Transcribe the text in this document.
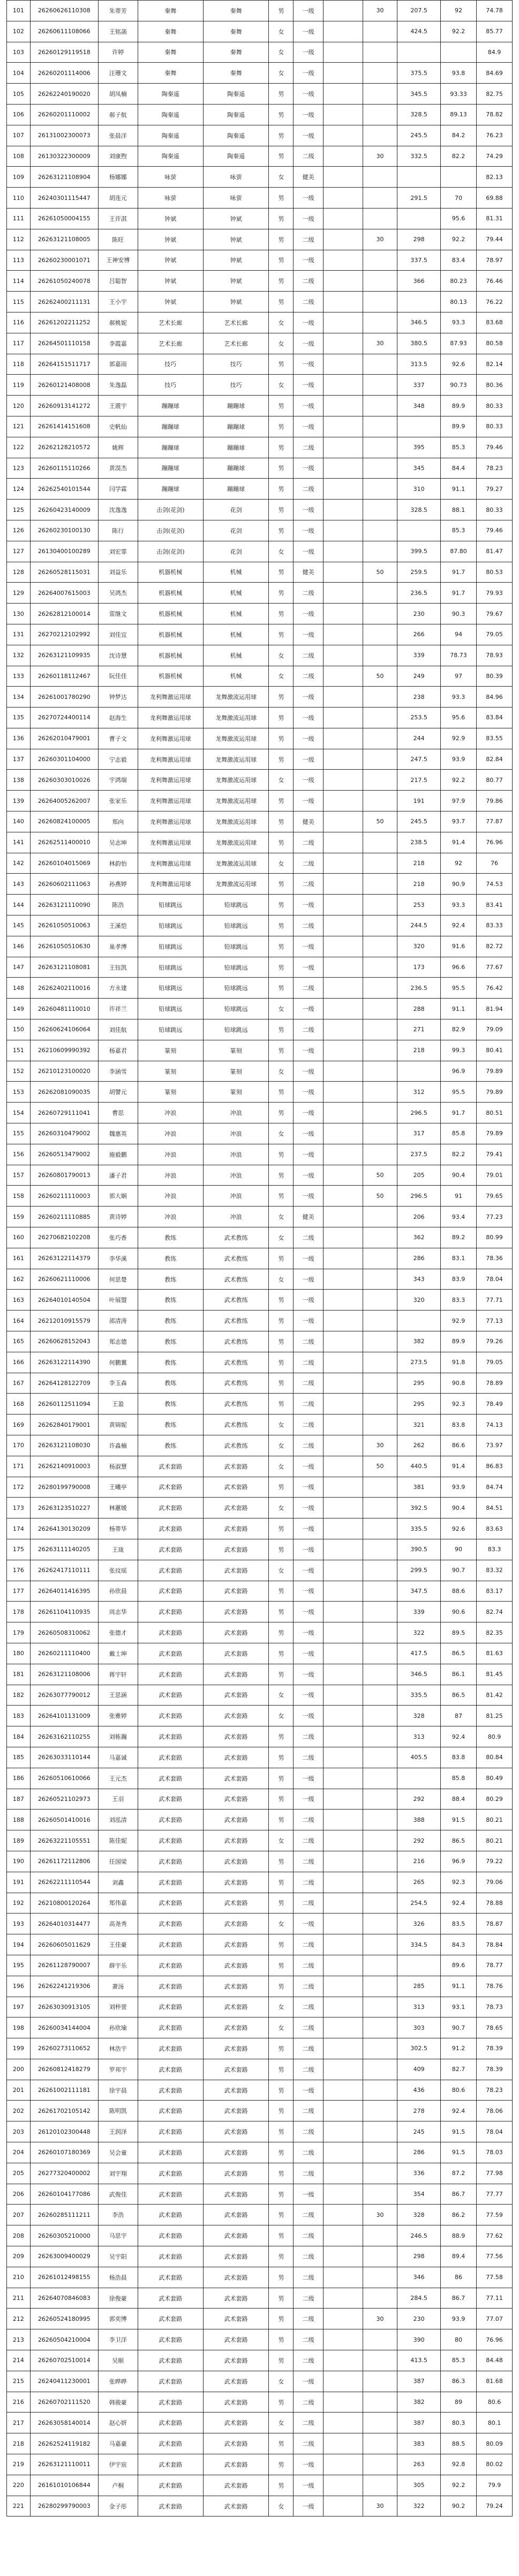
101	26260626110308	朱蒂芳	秦舞	秦舞	男	一级		30	207.5	92	74.78
102	26260611108066	王铭菡	秦舞	秦舞	女	一级			424.5	92.2	85.77
103	26260129119518	许婷	秦舞	秦舞	女	一级					84.9
104	26260201114006	汪珊文	秦舞	秦舞	女	一级			375.5	93.8	84.69
105	26262240190020	胡凤楠	陶秦遥	陶秦遥	男	一级			345.5	93.33	82.75
106	26260201110002	郝子航	陶秦遥	陶秦遥	男	一级			328.5	89.13	78.82
107	26131002300073	张晨洋	陶秦遥	陶秦遥	男	一级			245.5	84.2	76.23
108	26130322300009	刘康煦	陶秦遥	陶秦遥	男	二级		30	332.5	82.2	74.29
109	26263121108904	杨娜娜	咏萤	咏萤	女	健美					82.13
110	26240301115447	胡连元	咏萤	咏萤	男	一级			291.5	70	69.88
111	26261050004155	王许淇	钟斌	钟斌	男	一级				95.6	81.31
112	26263121108005	陈旺	钟斌	钟斌	男	二级		30	298	92.2	79.44
113	26260230001071	王神安博	钟斌	钟斌	男	一级			337.5	83.4	78.97
114	26261050240078	吕聪智	钟斌	钟斌	男	二级			366	80.23	76.46
115	26262400211131	王小宇	钟斌	钟斌	男	二级				80.13	76.22
116	26261202211252	郝桃妮	艺术长廊	艺术长廊	女	一级			346.5	93.3	83.68
117	26264501110158	李霞嘉	艺术长廊	艺术长廊	女	一级		30	380.5	87.93	80.58
118	26264151511717	郭嘉雨	技巧	技巧	男	一级			313.5	92.6	82.14
119	26260121408008	朱逸磊	技巧	技巧	女	一级			337	90.73	80.36
120	26260913141272	王震宇	蹦蹦球	蹦蹦球	男	一级			348	89.9	80.33
121	26261414151608	史帆仙	蹦蹦球	蹦蹦球	男	一级				89.9	80.33
122	26262128210572	姚辉	蹦蹦球	蹦蹦球	男	二级			395	85.3	79.46
123	26260115110266	黄淏杰	蹦蹦球	蹦蹦球	男	一级			345	84.4	78.23
124	26262540101544	闫学霖	蹦蹦球	蹦蹦球	男	二级			310	91.1	79.27
125	26260423140009	沈逸逸	击剑(花剑)	花剑	男	一级			328.5	88.1	80.33
126	26260230100130	陈行	击剑(花剑)	花剑	男	一级				85.3	79.46
127	26130400100289	刘宏霏	击剑(花剑)	花剑	女	一级			399.5	87.80	81.47
128	26260528115031	刘益乐	机器机械	机械	男	健美		50	259.5	91.7	80.53
129	26264007615003	吴鸿杰	机器机械	机械	男	二级			236.5	91.7	79.93
130	26262812100014	雷继文	机器机械	机械	男	一级			230	90.3	79.67
131	26270212102992	刘佳宜	机器机械	机械	男	一级			266	94	79.05
132	26263121109935	沈诗慧	机器机械	机械	女	二级			339	78.73	78.93
133	26260118112467	阮佳佳	机器机械	机械	女	二级		50	249	97	80.39
134	26261001780290	钟梦达	龙利舞激运用球	龙舞激流运用球	男	一级			238	93.3	84.96
135	26270724400114	赵海生	龙利舞激运用球	龙舞激流运用球	男	一级			253.5	95.6	83.84
136	26262010479001	曹子文	龙利舞激运用球	龙舞激流运用球	男	一级			244	92.9	83.55
137	26260301104000	宁志毅	龙利舞激运用球	龙舞激流运用球	男	一级			247.5	93.9	82.84
138	26260303010026	宇鸿瑞	龙利舞激运用球	龙舞激流运用球	女	一级			217.5	92.2	80.77
139	26264005262007	张家乐	龙利舞激运用球	龙舞激流运用球	男	一级			191	97.9	79.86
140	26260824100005	郑向	龙利舞激运用球	龙舞激流运用球	男	健美		50	245.5	93.7	77.87
141	26262511400010	吴志坤	龙利舞激运用球	龙舞激流运用球	男	二级			238.5	91.4	76.96
142	26260104015069	林韵怡	龙利舞激运用球	龙舞激流运用球	女	二级			218	92	76
143	26260602111063	孙燕婷	龙利舞激运用球	龙舞激流运用球	男	二级			218	90.9	74.53
144	26263121110090	陈浩	铅球跳远	铅球跳远	男	一级			253	93.3	83.41
145	26261050510063	王溪恺	铅球跳远	铅球跳远	男	二级			244.5	92.4	83.33
146	26261050510630	巢孝博	铅球跳远	铅球跳远	男	一级			320	91.6	82.72
147	26263121108081	王钰凯	铅球跳远	铅球跳远	男	一级			173	96.6	77.67
148	26262402110016	方永建	铅球跳远	铅球跳远	男	二级			236.5	95.5	76.42
149	26260481110010	许祥兰	铅球跳远	铅球跳远	女	一级			288	91.1	81.94
150	26260624106064	刘佳航	铅球跳远	铅球跳远	男	二级			271	82.9	79.09
151	26210609990392	杨嘉君	篆刻	篆刻	男	一级			218	99.3	80.41
152	26210123100020	李涵雪	篆刻	篆刻	女	一级				96.9	79.89
153	26262081090035	胡譬元	篆刻	篆刻	男	一级			312	95.5	79.89
154	26260729111041	曹思	冲浪	冲浪	男	一级			296.5	91.7	80.51
155	26260310479002	魏惠英	冲浪	冲浪	女	一级			317	85.8	79.89
156	26260513479002	施毅鹏	冲浪	冲浪	男	一级			237.5	82.2	79.41
157	26260801790013	潘子君	冲浪	冲浪	男	一级		50	205	90.4	79.01
158	26260211110003	郭大娴	冲浪	冲浪	男	一级		50	296.5	91	79.65
159	26260211110885	黄诗婷	冲浪	冲浪	女	健美			206	93.4	77.23
160	26270682102208	张巧香	教练	武术教练	女	二级			362	89.2	80.99
161	26263122114379	李华溪	教练	武术教练	男	一级			286	83.1	78.36
162	26260621110006	何思楚	教练	武术教练	女	一级			343	83.9	78.04
163	26264010140504	叶展盟	教练	武术教练	男	一级			320	83.3	77.71
164	26212010915579	邵清涛	教练	武术教练	男	一级				92.9	77.13
165	26260628152043	郑志德	教练	武术教练	男	二级			382	89.9	79.26
166	26263122114390	何鹏翼	教练	武术教练	男	二级			273.5	91.8	79.05
167	26264128122709	李玉森	教练	武术教练	男	二级			295	90.8	78.89
168	26260112511094	王盈	教练	武术教练	男	二级			295	92.3	78.49
169	26262840179001	黄锦妮	教练	武术教练	女	二级			321	83.8	74.13
170	26263121108030	许淼楠	教练	武术教练	女	二级		30	262	86.6	73.97
171	26262140910003	杨淑慧	武术套路	武术套路	女	一级		50	440.5	91.4	86.83
172	26280199790008	王曦亭	武术套路	武术套路	男	一级			381	93.9	84.74
173	26263123510227	林蕙媛	武术套路	武术套路	女	一级			392.5	90.4	84.51
174	26264130130209	杨蒂华	武术套路	武术套路	男	一级			335.5	92.6	83.63
175	26263111140205	王珑	武术套路	武术套路	男	一级			390.5	90	83.3
176	26262417110111	张玟瑶	武术套路	武术套路	女	一级			299.5	90.7	83.32
177	26264011416395	孙欣晨	武术套路	武术套路	男	一级			347.5	88.6	83.17
178	26261104110935	周志华	武术套路	武术套路	男	一级			339	90.6	82.74
179	26260508310062	张德才	武术套路	武术套路	男	一级			322	89.5	82.35
180	26260211110400	戴士坤	武术套路	武术套路	男	一级			417.5	86.5	81.63
181	26263121108006	蒋宇轩	武术套路	武术套路	男	一级			346.5	86.1	81.45
182	26263077790012	王思涵	武术套路	武术套路	女	一级			335.5	86.5	81.42
183	26264101131009	张雅婷	武术套路	武术套路	女	一级			328	87	81.25
184	26263162110255	刘栋瀚	武术套路	武术套路	男	二级			313	92.4	80.9
185	26263033110144	马嘉诚	武术套路	武术套路	男	二级			405.5	83.8	80.84
186	26260510610066	王元杰	武术套路	武术套路	男	一级				85.8	80.49
187	26260521102973	王羽	武术套路	武术套路	男	一级			292	88.4	80.29
188	26260501410016	刘泓清	武术套路	武术套路	男	二级			388	91.5	80.21
189	26263221105551	陈佳妮	武术套路	武术套路	女	二级			292	86.5	80.21
190	26261172112806	任国梁	武术套路	武术套路	男	二级			216	96.9	79.22
191	26262211110544	刘鑫	武术套路	武术套路	男	二级			265	92.3	79.06
192	26210800120264	郑伟嘉	武术套路	武术套路	男	二级			254.5	92.4	78.88
193	26264010314477	高尧秀	武术套路	武术套路	女	一级			326	83.5	78.87
194	26260605011629	王佳豪	武术套路	武术套路	男	二级			334.5	84.3	78.84
195	26261128790007	薛宇乐	武术套路	武术套路	男	二级				89.6	78.77
196	26262241219306	萧汤	武术套路	武术套路	男	二级			285	91.1	78.76
197	26263030913105	刘梓萱	武术套路	武术套路	女	二级			313	93.1	78.73
198	26260034144004	孙欣瑜	武术套路	武术套路	女	二级			303	90.7	78.65
199	26260273110652	林浩宇	武术套路	武术套路	男	二级			302.5	91.2	78.39
200	26260812418279	罗邦宇	武术套路	武术套路	男	二级			409	82.7	78.39
201	26261002111181	徐宇晨	武术套路	武术套路	男	一级			436	80.6	78.23
202	26261702105142	陈明凯	武术套路	武术套路	男	二级			278	92.4	78.06
203	26120102300448	王润泽	武术套路	武术套路	男	二级			245	91.5	78.04
204	26260107180369	吴会童	武术套路	武术套路	男	二级			286	91.5	78.03
205	26277320400002	刘宇翔	武术套路	武术套路	男	二级			336	87.2	77.98
206	26260104177086	武俊佳	武术套路	武术套路	男	一级			354	86.7	77.77
207	26260285111211	李浩	武术套路	武术套路	男	二级		30	328	86.2	77.59
208	26260305210000	马思宇	武术套路	武术套路	男	二级			246.5	88.9	77.62
209	26263009400029	吴宇阳	武术套路	武术套路	男	二级			298	89.4	77.56
210	26261012498155	杨浩晨	武术套路	武术套路	男	二级			346	86	77.58
211	26264070846083	徐俊豪	武术套路	武术套路	男	二级			284.5	86.7	77.11
212	26260524180995	郭奕博	武术套路	武术套路	男	二级		30	230	93.9	77.07
213	26260504210004	李卫洋	武术套路	武术套路	男	二级			390	80	76.96
214	26260702510014	吴顺	武术套路	武术套路	男	二级			413.5	85.3	84.48
215	26240411230001	张晔晔	武术套路	武术套路	女	一级			387	86.3	81.68
216	26260702111520	韩骏豪	武术套路	武术套路	男	二级			382	89	80.6
217	26263058140014	赵心妍	武术套路	武术套路	女	二级			387	80.3	80.1
218	26262524119182	马嘉豪	武术套路	武术套路	男	二级			383	88.5	80.09
219	26263121110011	伊宇宸	武术套路	武术套路	男	一级			263	92.8	80.02
220	26161010106844	卢桐	武术套路	武术套路	男	一级			305	92.2	79.9
221	26280299790003	金子彤	武术套路	武术套路	女	一级		30	322	90.2	79.24
